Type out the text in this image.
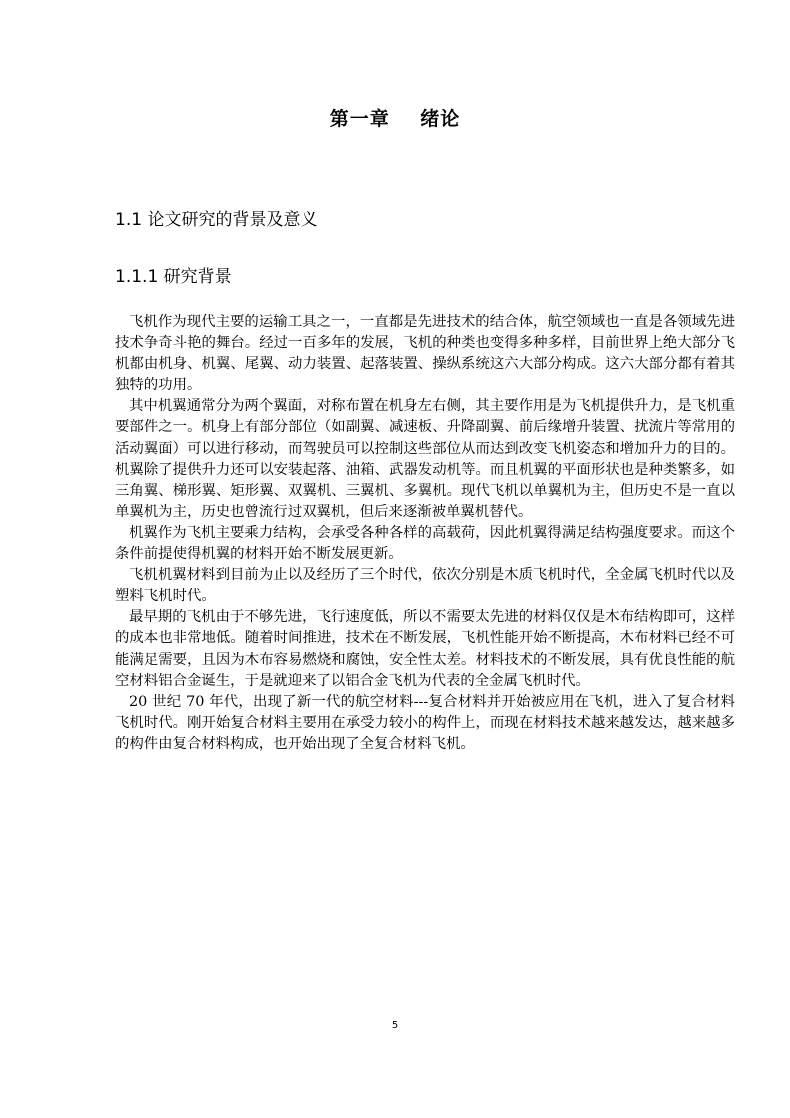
第一章    绪论
1.1 论文研究的背景及意义
1.1.1 研究背景

飞机作为现代主要的运输工具之一，一直都是先进技术的结合体，航空领域也一直是各领域先进技术争奇斗艳的舞台。经过一百多年的发展，飞机的种类也变得多种多样，目前世界上绝大部分飞机都由机身、机翼、尾翼、动力装置、起落装置、操纵系统这六大部分构成。这六大部分都有着其独特的功用。

其中机翼通常分为两个翼面，对称布置在机身左右侧，其主要作用是为飞机提供升力，是飞机重要部件之一。机身上有部分部位（如副翼、减速板、升降副翼、前后缘增升装置、扰流片等常用的活动翼面）可以进行移动，而驾驶员可以控制这些部位从而达到改变飞机姿态和增加升力的目的。机翼除了提供升力还可以安装起落、油箱、武器发动机等。而且机翼的平面形状也是种类繁多，如三角翼、梯形翼、矩形翼、双翼机、三翼机、多翼机。现代飞机以单翼机为主，但历史不是一直以单翼机为主，历史也曾流行过双翼机，但后来逐渐被单翼机替代。

机翼作为飞机主要乘力结构，会承受各种各样的高载荷，因此机翼得满足结构强度要求。而这个条件前提使得机翼的材料开始不断发展更新。

飞机机翼材料到目前为止以及经历了三个时代，依次分别是木质飞机时代，全金属飞机时代以及塑料飞机时代。

最早期的飞机由于不够先进，飞行速度低，所以不需要太先进的材料仅仅是木布结构即可，这样的成本也非常地低。随着时间推进，技术在不断发展，飞机性能开始不断提高，木布材料已经不可能满足需要，且因为木布容易燃烧和腐蚀，安全性太差。材料技术的不断发展，具有优良性能的航空材料铝合金诞生，于是就迎来了以铝合金飞机为代表的全金属飞机时代。

20 世纪 70 年代，出现了新一代的航空材料---复合材料并开始被应用在飞机，进入了复合材料飞机时代。刚开始复合材料主要用在承受力较小的构件上，而现在材料技术越来越发达，越来越多的构件由复合材料构成，也开始出现了全复合材料飞机。

5
